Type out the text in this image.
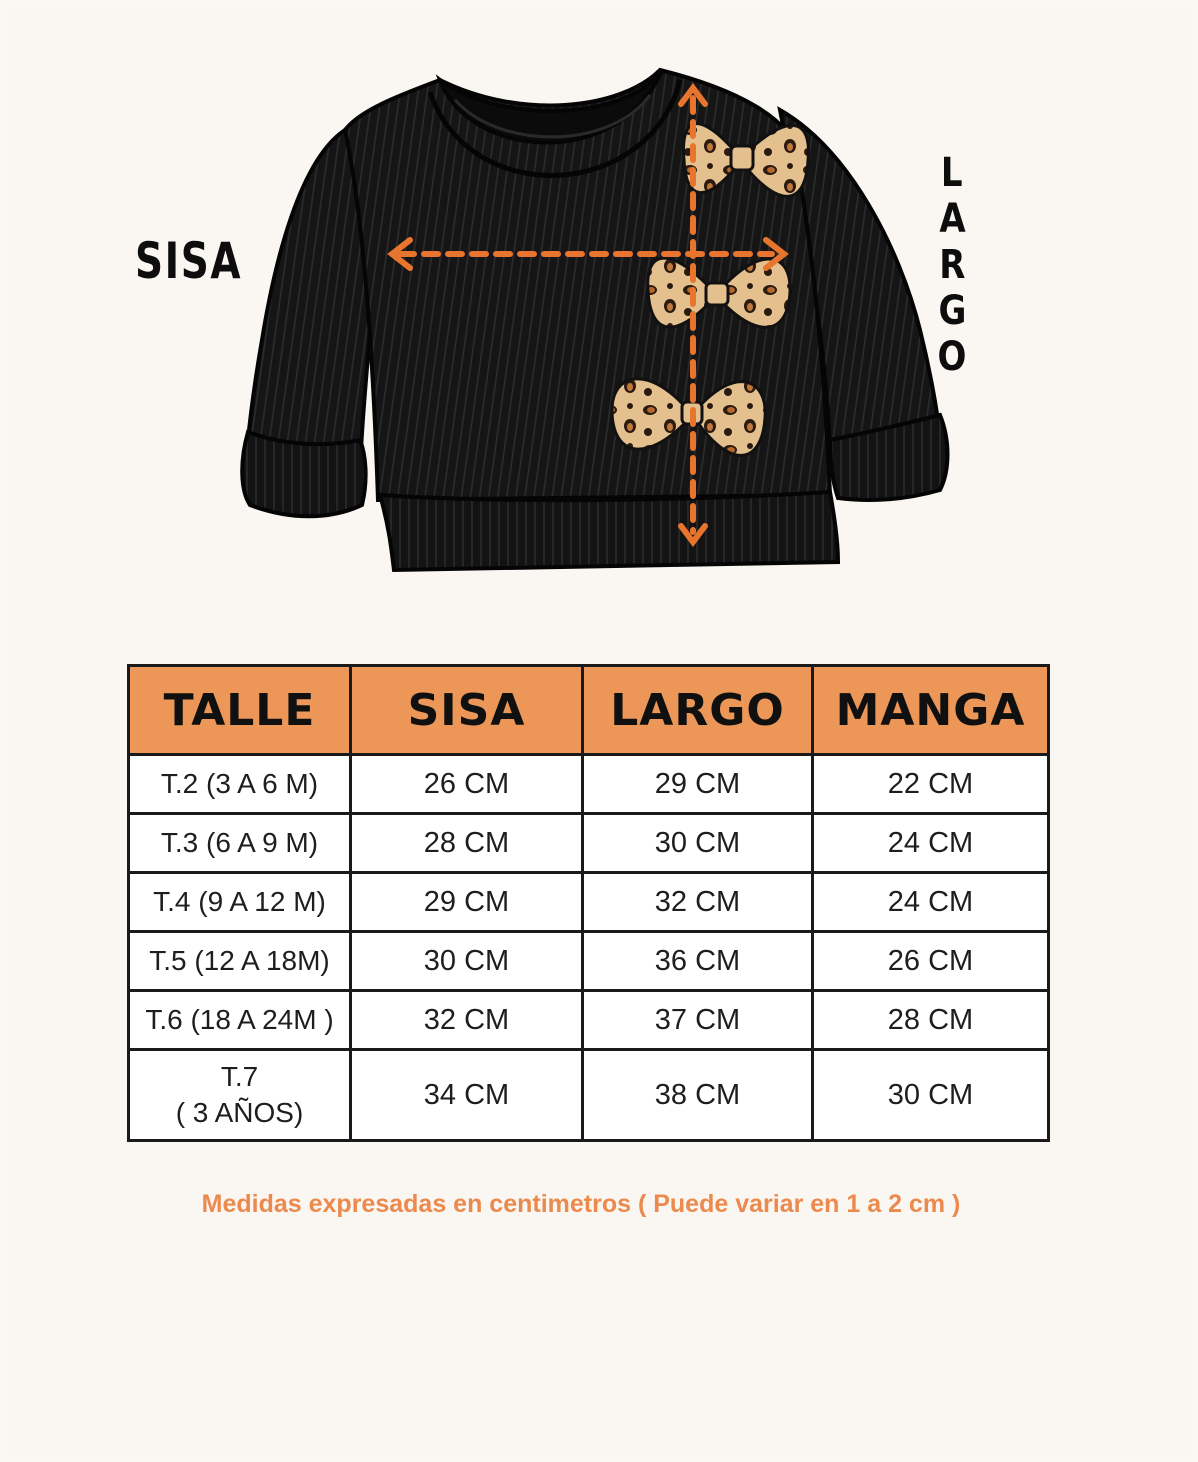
SISA
L
A
R
G
O
TALLE	SISA	LARGO	MANGA
T.2 (3 A 6 M)	26 CM	29 CM	22 CM
T.3 (6 A 9 M)	28 CM	30 CM	24 CM
T.4 (9 A 12 M)	29 CM	32 CM	24 CM
T.5 (12 A 18M)	30 CM	36 CM	26 CM
T.6 (18 A 24M )	32 CM	37 CM	28 CM

T.7
( 3 AÑOS)	34 CM	38 CM	30 CM
Medidas expresadas en centimetros ( Puede variar en 1 a 2 cm )
